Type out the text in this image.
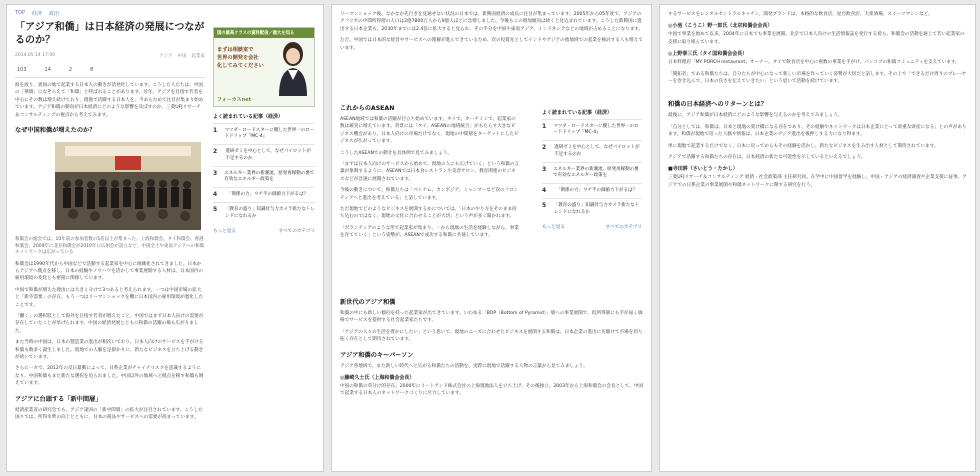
TOP 経済 政治
「アジア和僑」は日本経済の発展につながるのか？
2014.05.14 17:00	アジア 中国 起業家
103	14	2	8

海を渡り、異国の地で起業する日本人の動きが活発化しています。こうした人たちは、中国の「華僑」になぞらえて「和僑」と呼ばれることがあります。近年、アジアを目指す若者を中心にその数は増え続けており、現地で活躍する日本人を、今あらためて注目が集まり始めています。アジア和僑の動向が日本経済にどのような影響を及ぼすのか、三菱UFJリサーチ＆コンサルティングの視点から考えてみます。

なぜ中国和僑が増えたのか？

和僑会の総会では、10年前の参加者数の5倍以上が集まった。上海和僑会、タイ和僑会、香港和僑会、2009年に北京和僑会が2010年に広州会が設立など、中国全土や東南アジアへの和僑ネットワークは広がっている

和僑会は1990年代から中国などで活動する起業家を中心に組織化されてきました。日本からアジアへ拠点を移し、日本の経験やノウハウを活かして事業展開する人材は、日本国内の雇用環境の変化とも密接に関係しています。

中国で和僑が増えた理由には大きく分けて3つあると考えられます。一つは中国市場の拡大と「新卒需要」の存在、もう一つはリーマンショックを機に日本国内の雇用環境が悪化したことです。

「働く」の選択肢として海外を目指す若者が増えたこと、中国ではまず日本人向けの需要が存在していたことが挙げられます。中国の経済発展とともに和僑の活躍の場も広がりました。

また当時の中国は、日本の製造業の進出が相次いでおり、日本人向けのサービスを手がける和僑も数多く誕生しました。現地での人脈を足掛かりに、新たなビジネスを立ち上げる動きが続いています。

さらに一方で、2012年の反日暴動によって、日系企業がチャイナリスクを意識するようになり、中国和僑もまた新たな選択を迫られました。中国以外の地域へと拠点を移す和僑も増えています。

アジアに台頭する「新中間層」

経済産業省の研究会でも、アジア諸国の「新中間層」の拡大が注目されています。こうした国々では、所得水準の向上とともに、日本の商品やサービスへの需要が高まっています。

国の最高クラスの資料配信／最大を知る
まずは相談室で
世界の開発を会社
化してみてください
フォーカスnet
よく読まれている記事（経済）
1 マツダ・ロードスターに優した世界一のロードドリップ『MC-4』
2	進研ゼミを中心として、なぜパイロットが不足するのか
3 エネルギー業界の新潮流、原発再稼動の裏で有効なエネルギー政策を
4	「関係の力」ウチ半の価値力下がるは？
5	「教育の盛り」知識付与力カメラ新たなトレンドになれるか
もっと見る	すべてのカテゴリ

リーマンショック後、なかなか先行きを見通せない状況の日本では、新興国経済の成長に注目が集まっています。2005年から05年度で、アジアのアフリカの中間所得層の人口は2億7800万人から9億人ほどに急増しました。今後もこの増加傾向は続くと見込まれています。こうした新興国に進出する日本企業も、2030年までには2.4倍に拡大すると見られ、その半分を中国や東南アジア、インドネシアなどの地域が占めることになります。

ただ、中国では日本的な経営やサービスへの理解が進んできているため、次の投資先としてインドやアジアの他地域での起業を検討する人も増えています。

これからのASEAN

ASEAN地域では和僑の活躍が目立ち始めています。タイで、ホーチミンで、起業家の数は確実に増えています。背景には「タイ、ASEANの地域統合」がもたらす大きなビジネス機会があり、日本人向けの市場だけでなく、現地の中間層をターゲットにしたビジネスが広がっています。

こうしたASEANでの動きを具体例で見てみましょう。

「まずは日本人向けのサービスから始めて、現地の人にも広げていく」という和僑の言葉が象徴するように、ASEANでは日本食レストランや美容サロン、教育関連のビジネスなどが急速に展開されています。

今後の動きについて、和僑たちは「ベトナム、カンボジア、ミャンマーなど次のフロンティアへと進出を考えている」と話しています。

ただ現地でどのようなビジネスを展開するかについては、「日本のやり方をそのまま持ち込むのではなく、現地の文化に合わせることが大切」という声が多く聞かれます。

「ボランティアのような形で起業家が集まり、一から現地の生活を経験しながら、事業を育てていく」という姿勢が、ASEANで成功する和僑に共通しています。

よく読まれている記事（経済）
1 マツダ・ロードスターに優した世界一のロードドリップ『MC-4』
2	進研ゼミを中心として、なぜパイロットが不足するのか
3 エネルギー業界の新潮流、原発再稼動の裏で有効なエネルギー政策を
4	「関係の力」ウチ半の価値力下がるは？
5	「教育の盛り」知識付与力カメラ新たなトレンドになれるか
もっと見る	すべてのカテゴリ
新世代のアジア和僑

和僑の中にも新しい傾向を持った起業家が出てきています。いわゆる「BOP（Bottom of Pyramid）」層への事業展開で、低所得層にも手が届く価格でサービスを提供する社会起業家たちです。

「アジアの人々の生活を豊かにしたい」という思いで、現地のニーズに合わせたビジネスを展開する和僑は、日本企業の進出に先駆けて市場を切り拓く存在として期待されています。

アジア和僑のキーパーソン

アジア各地域で、また新しい時代へと広がる和僑たちの活動を、実際に現地で活躍する人物の言葉から見てみましょう。

◎藤崎久士氏（上海和僑会会長）

中国の和僑の草分け的存在。2000年にイートアンド株式会社の上海現地法人を立ち上げ、その後独立。2003年から上海和僑会の会長として、中国で起業する日本人のネットワークづくりに尽力しています。

するサービスをレンタルセントラルキッチン。開発ブランドは、本格的な飲食店、屋台飲食店、大衆酒場、スイーツマシンなど。

◎小池（こうこ）野一郎氏（北京和僑会会長）

中国で事業を始めて以来、2004年に日本でも事業を展開。北京で日本人向けの生活情報誌を発行する傍ら、和僑会の活動を通じて若い起業家の支援に取り組んでいます。

◎上野泰三氏（タイ国和僑会会長）

日本料理店「MY PORCH restaurant」オーナー。タイで飲食店を中心に複数の事業を手がけ、バンコクの和僑コミュニティを支えています。

「開拓者」である和僑たちは、自分たちが中心になって新しい市場を作っていく姿勢が大切だと話します。その上で「できるだけ周りのプレーヤーを巻き込んで、日本の良さを伝えていきたい」という思いで活動を続けています。

和僑の日本経済へのリターンとは？

最後に、アジア和僑が日本経済にどのような影響を与えるのかを考えてみましょう。

「自分としては、和僑は、日本と現地の架け橋になる存在であり、その経験やネットワークは日本企業にとって貴重な財産になる」との声があります。和僑が現地で培った人脈や情報は、日本企業のアジア進出を後押しする力になり得ます。

単に現地で起業するだけでなく、日本に戻ってからもその経験を活かし、新たなビジネスを生み出す人材として期待されています。

アジアで活躍する和僑たちの存在は、日本経済の新たな可能性を示しているといえるでしょう。

■寺田耕（さいとう・たかし）

三菱UFJリサーチ＆コンサルティング 経済・社会政策部 主任研究員。在学中に中国留学を経験し、中国・アジアの経済調査や企業支援に従事。アジアでの日系企業の事業展開や和僑ネットワークに関する研究を行う。
